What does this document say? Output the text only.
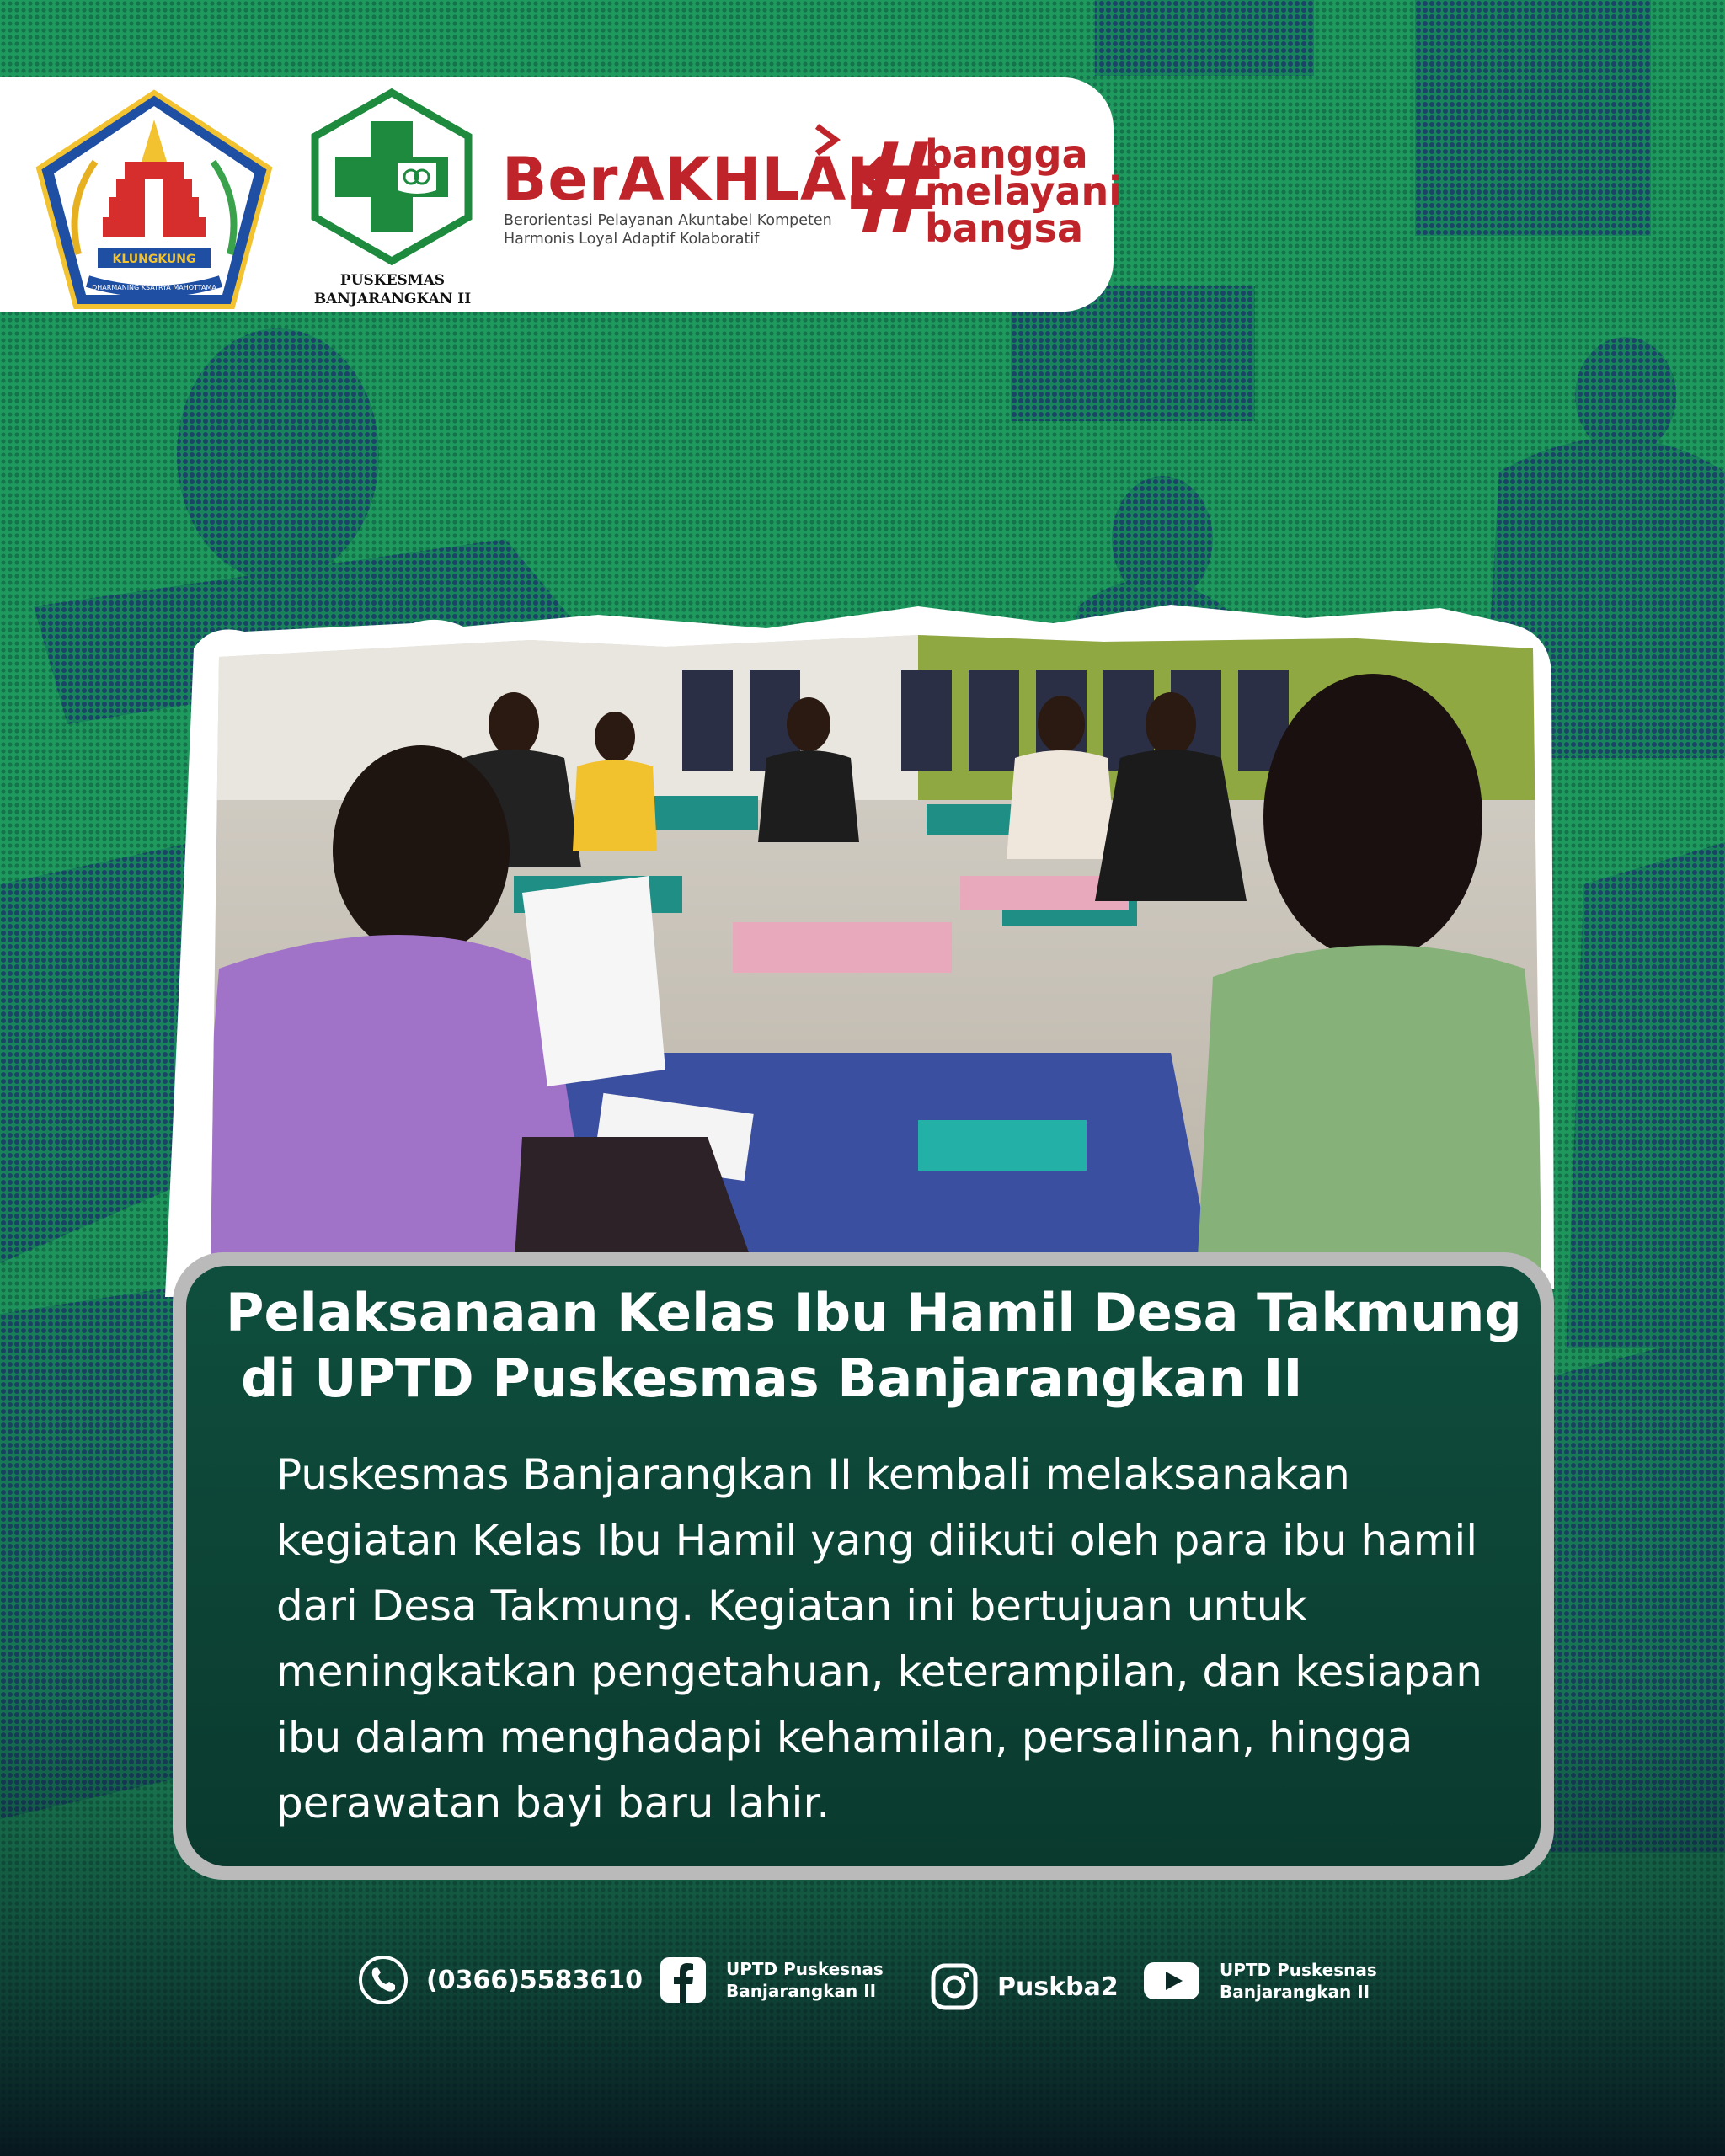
KLUNGKUNG
DHARMANING KSATRYA MAHOTTAMA	PUSKESMAS
BANJARANGKAN II
BerAKHLAK
Berorientasi Pelayanan Akuntabel Kompeten
Harmonis Loyal Adaptif Kolaboratif #
bangga
melayani
bangsa
Pelaksanaan Kelas Ibu Hamil Desa Takmung
di UPTD Puskesmas Banjarangkan II
Puskesmas Banjarangkan II kembali melaksanakan
kegiatan Kelas Ibu Hamil yang diikuti oleh para ibu hamil
dari Desa Takmung. Kegiatan ini bertujuan untuk
meningkatkan pengetahuan, keterampilan, dan kesiapan
ibu dalam menghadapi kehamilan, persalinan, hingga
perawatan bayi baru lahir.
(0366)5583610	UPTD Puskesnas
Banjarangkan II	Puskba2
UPTD Puskesnas
Banjarangkan II
